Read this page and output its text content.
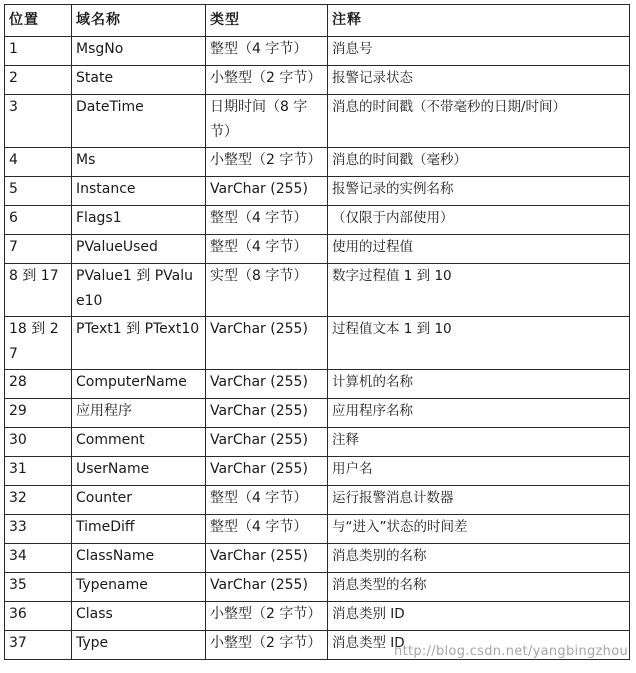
位置	域名称	类型	注释
1	MsgNo	整型（4 字节）	消息号
2	State	小整型（2 字节）	报警记录状态
3	DateTime	日期时间（8 字节）	消息的时间戳（不带毫秒的日期/时间）
4	Ms	小整型（2 字节）	消息的时间戳（毫秒）
5	Instance	VarChar (255)	报警记录的实例名称
6	Flags1	整型（4 字节）	（仅限于内部使用）
7	PValueUsed	整型（4 字节）	使用的过程值
8 到 17	PValue1 到 PValue10	实型（8 字节）	数字过程值 1 到 10
18 到 27	PText1 到 PText10	VarChar (255)	过程值文本 1 到 10
28	ComputerName	VarChar (255)	计算机的名称
29	应用程序	VarChar (255)	应用程序名称
30	Comment	VarChar (255)	注释
31	UserName	VarChar (255)	用户名
32	Counter	整型（4 字节）	运行报警消息计数器
33	TimeDiff	整型（4 字节）	与“进入”状态的时间差
34	ClassName	VarChar (255)	消息类别的名称
35	Typename	VarChar (255)	消息类型的名称
36	Class	小整型（2 字节）	消息类别 ID
37	Type	小整型（2 字节）	消息类型 ID
http://blog.csdn.net/yangbingzhou
